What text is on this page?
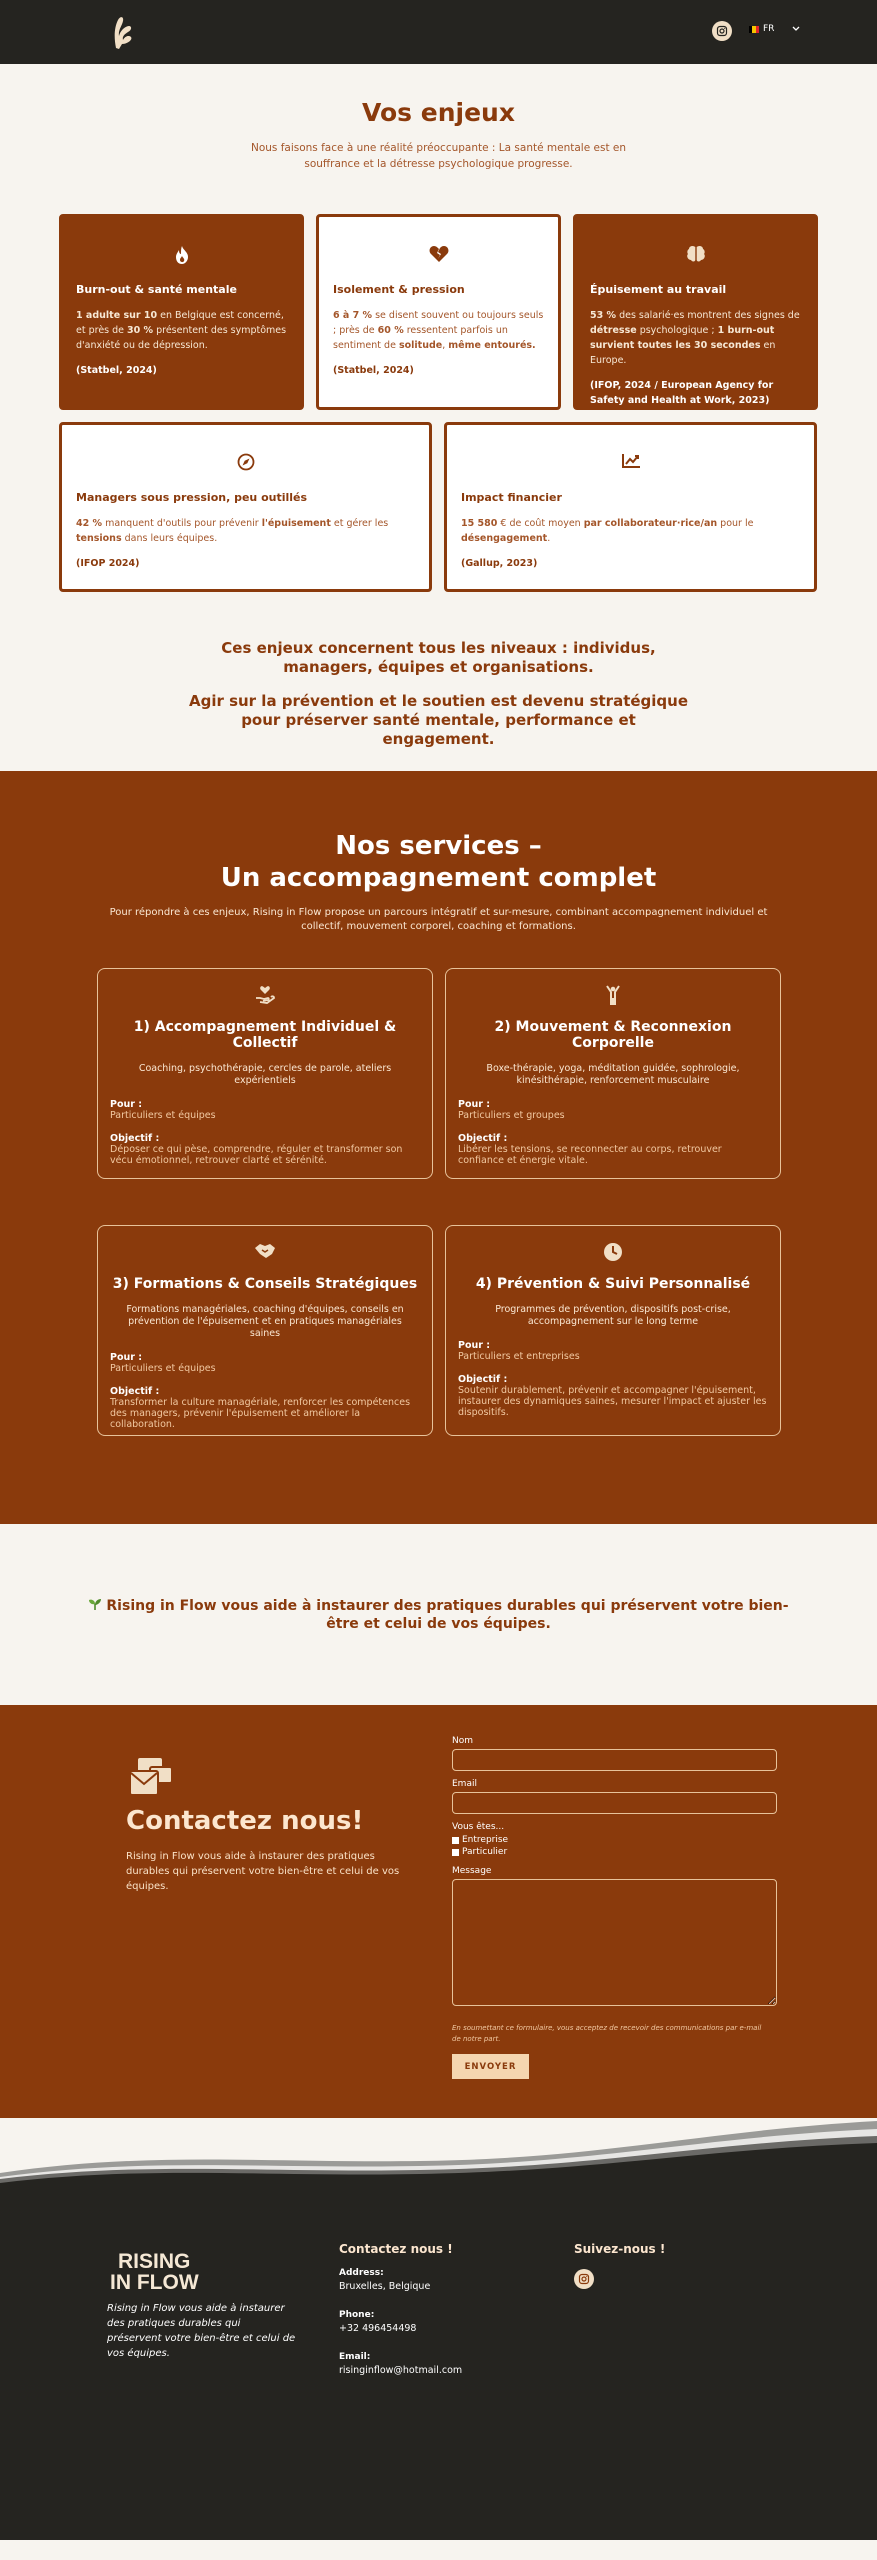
FR
Vos enjeux

Nous faisons face à une réalité préoccupante : La santé mentale est en souffrance et la détresse psychologique progresse.

Burn-out & santé mentale
1 adulte sur 10 en Belgique est concerné, et près de 30 % présentent des symptômes d'anxiété ou de dépression.
(Statbel, 2024)
Isolement & pression
6 à 7 % se disent souvent ou toujours seuls ; près de 60 % ressentent parfois un sentiment de solitude, même entourés.
(Statbel, 2024)
Épuisement au travail
53 % des salarié·es montrent des signes de détresse psychologique ; 1 burn-out survient toutes les 30 secondes en Europe.
(IFOP, 2024 / European Agency for Safety and Health at Work, 2023)
Managers sous pression, peu outillés
42 % manquent d'outils pour prévenir l'épuisement et gérer les tensions dans leurs équipes.
(IFOP 2024)
Impact financier
15 580 € de coût moyen par collaborateur·rice/an pour le désengagement.
(Gallup, 2023)

Ces enjeux concernent tous les niveaux : individus, managers, équipes et organisations.

Agir sur la prévention et le soutien est devenu stratégique pour préserver santé mentale, performance et engagement.

Nos services –
Un accompagnement complet

Pour répondre à ces enjeux, Rising in Flow propose un parcours intégratif et sur-mesure, combinant accompagnement individuel et collectif, mouvement corporel, coaching et formations.

1) Accompagnement Individuel & Collectif
Coaching, psychothérapie, cercles de parole, ateliers expérientiels
Pour :
Particuliers et équipes
Objectif :
Déposer ce qui pèse, comprendre, réguler et transformer son vécu émotionnel, retrouver clarté et sérénité.
2) Mouvement & Reconnexion Corporelle
Boxe-thérapie, yoga, méditation guidée, sophrologie, kinésithérapie, renforcement musculaire
Pour :
Particuliers et groupes
Objectif :
Libérer les tensions, se reconnecter au corps, retrouver confiance et énergie vitale.
3) Formations & Conseils Stratégiques
Formations managériales, coaching d'équipes, conseils en prévention de l'épuisement et en pratiques managériales saines
Pour :
Particuliers et équipes
Objectif :
Transformer la culture managériale, renforcer les compétences des managers, prévenir l'épuisement et améliorer la collaboration.
4) Prévention & Suivi Personnalisé
Programmes de prévention, dispositifs post-crise, accompagnement sur le long terme
Pour :
Particuliers et entreprises
Objectif :
Soutenir durablement, prévenir et accompagner l'épuisement, instaurer des dynamiques saines, mesurer l'impact et ajuster les dispositifs.

Rising in Flow vous aide à instaurer des pratiques durables qui préservent votre bien-être et celui de vos équipes.

Contactez nous!

Rising in Flow vous aide à instaurer des pratiques durables qui préservent votre bien-être et celui de vos équipes.

Nom
Email
Vous êtes...
Entreprise
Particulier
Message

En soumettant ce formulaire, vous acceptez de recevoir des communications par e-mail de notre part.

ENVOYER
RISING
IN FLOW

Rising in Flow vous aide à instaurer des pratiques durables qui préservent votre bien-être et celui de vos équipes.

Contactez nous !
Address:
Bruxelles, Belgique
Phone:
+32 496454498
Email:
risinginflow@hotmail.com
Suivez-nous !
